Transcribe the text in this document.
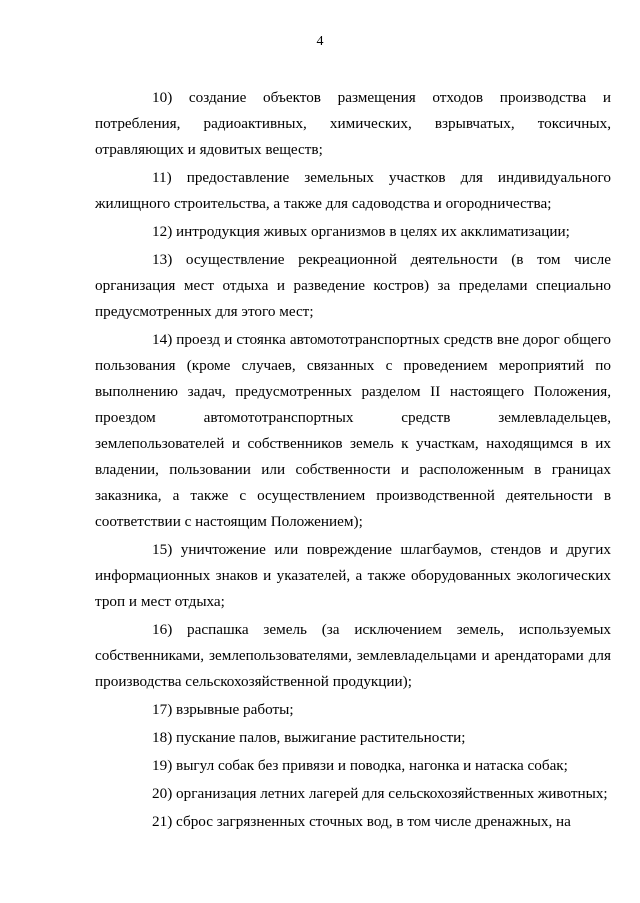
4

10) создание объектов размещения отходов производства и потребления, радиоактивных, химических, взрывчатых, токсичных, отравляющих и ядовитых веществ;

11) предоставление земельных участков для индивидуального жилищного строительства, а также для садоводства и огородничества;

12) интродукция живых организмов в целях их акклиматизации;

13) осуществление рекреационной деятельности (в том числе организация мест отдыха и разведение костров) за пределами специально предусмотренных для этого мест;

14) проезд и стоянка автомототранспортных средств вне дорог общего пользования (кроме случаев, связанных с проведением мероприятий по выполнению задач, предусмотренных разделом II настоящего Положения, проездом автомототранспортных средств землевладельцев, землепользователей и собственников земель к участкам, находящимся в их владении, пользовании или собственности и расположенным в границах заказника, а также с осуществлением производственной деятельности в соответствии с настоящим Положением);

15) уничтожение или повреждение шлагбаумов, стендов и других информационных знаков и указателей, а также оборудованных экологических троп и мест отдыха;

16) распашка земель (за исключением земель, используемых собственниками, землепользователями, землевладельцами и арендаторами для производства сельскохозяйственной продукции);

17) взрывные работы;

18) пускание палов, выжигание растительности;

19) выгул собак без привязи и поводка, нагонка и натаска собак;

20) организация летних лагерей для сельскохозяйственных животных;

21) сброс загрязненных сточных вод, в том числе дренажных, на
